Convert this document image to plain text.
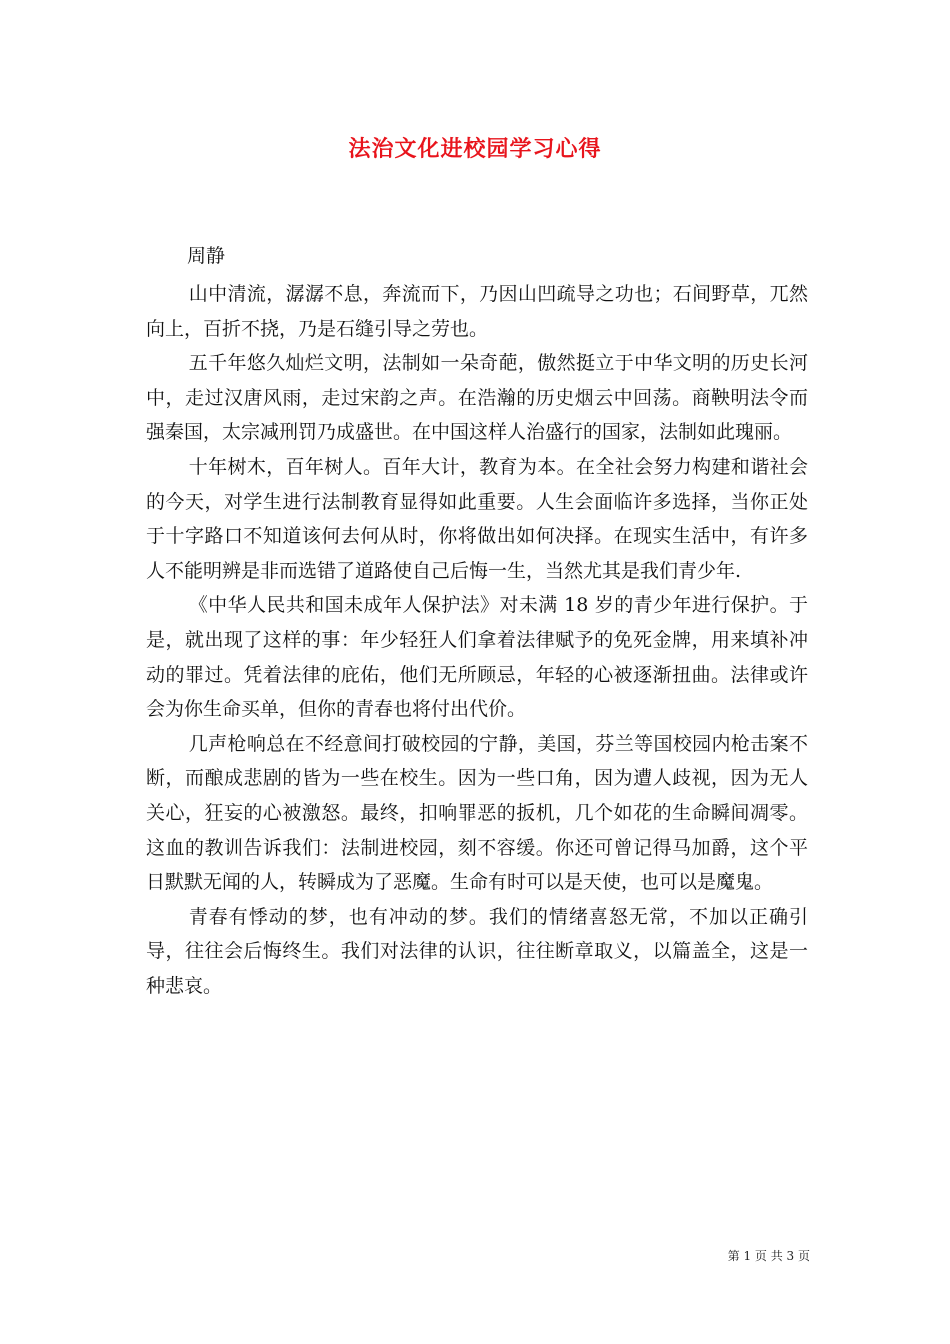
法治文化进校园学习心得
周静

山中清流，潺潺不息，奔流而下，乃因山凹疏导之功也；石间野草，兀然向上，百折不挠，乃是石缝引导之劳也。

五千年悠久灿烂文明，法制如一朵奇葩，傲然挺立于中华文明的历史长河中，走过汉唐风雨，走过宋韵之声。在浩瀚的历史烟云中回荡。商鞅明法令而强秦国，太宗减刑罚乃成盛世。在中国这样人治盛行的国家，法制如此瑰丽。

十年树木，百年树人。百年大计，教育为本。在全社会努力构建和谐社会的今天，对学生进行法制教育显得如此重要。人生会面临许多选择，当你正处于十字路口不知道该何去何从时，你将做出如何决择。在现实生活中，有许多人不能明辨是非而选错了道路使自己后悔一生，当然尤其是我们青少年.

《中华人民共和国未成年人保护法》对未满 18 岁的青少年进行保护。于是，就出现了这样的事：年少轻狂人们拿着法律赋予的免死金牌，用来填补冲动的罪过。凭着法律的庇佑，他们无所顾忌，年轻的心被逐渐扭曲。法律或许会为你生命买单，但你的青春也将付出代价。

几声枪响总在不经意间打破校园的宁静，美国，芬兰等国校园内枪击案不断，而酿成悲剧的皆为一些在校生。因为一些口角，因为遭人歧视，因为无人关心，狂妄的心被激怒。最终，扣响罪恶的扳机，几个如花的生命瞬间凋零。这血的教训告诉我们：法制进校园，刻不容缓。你还可曾记得马加爵，这个平日默默无闻的人，转瞬成为了恶魔。生命有时可以是天使，也可以是魔鬼。

青春有悸动的梦，也有冲动的梦。我们的情绪喜怒无常，不加以正确引导，往往会后悔终生。我们对法律的认识，往往断章取义，以篇盖全，这是一种悲哀。

第 1 页 共 3 页
